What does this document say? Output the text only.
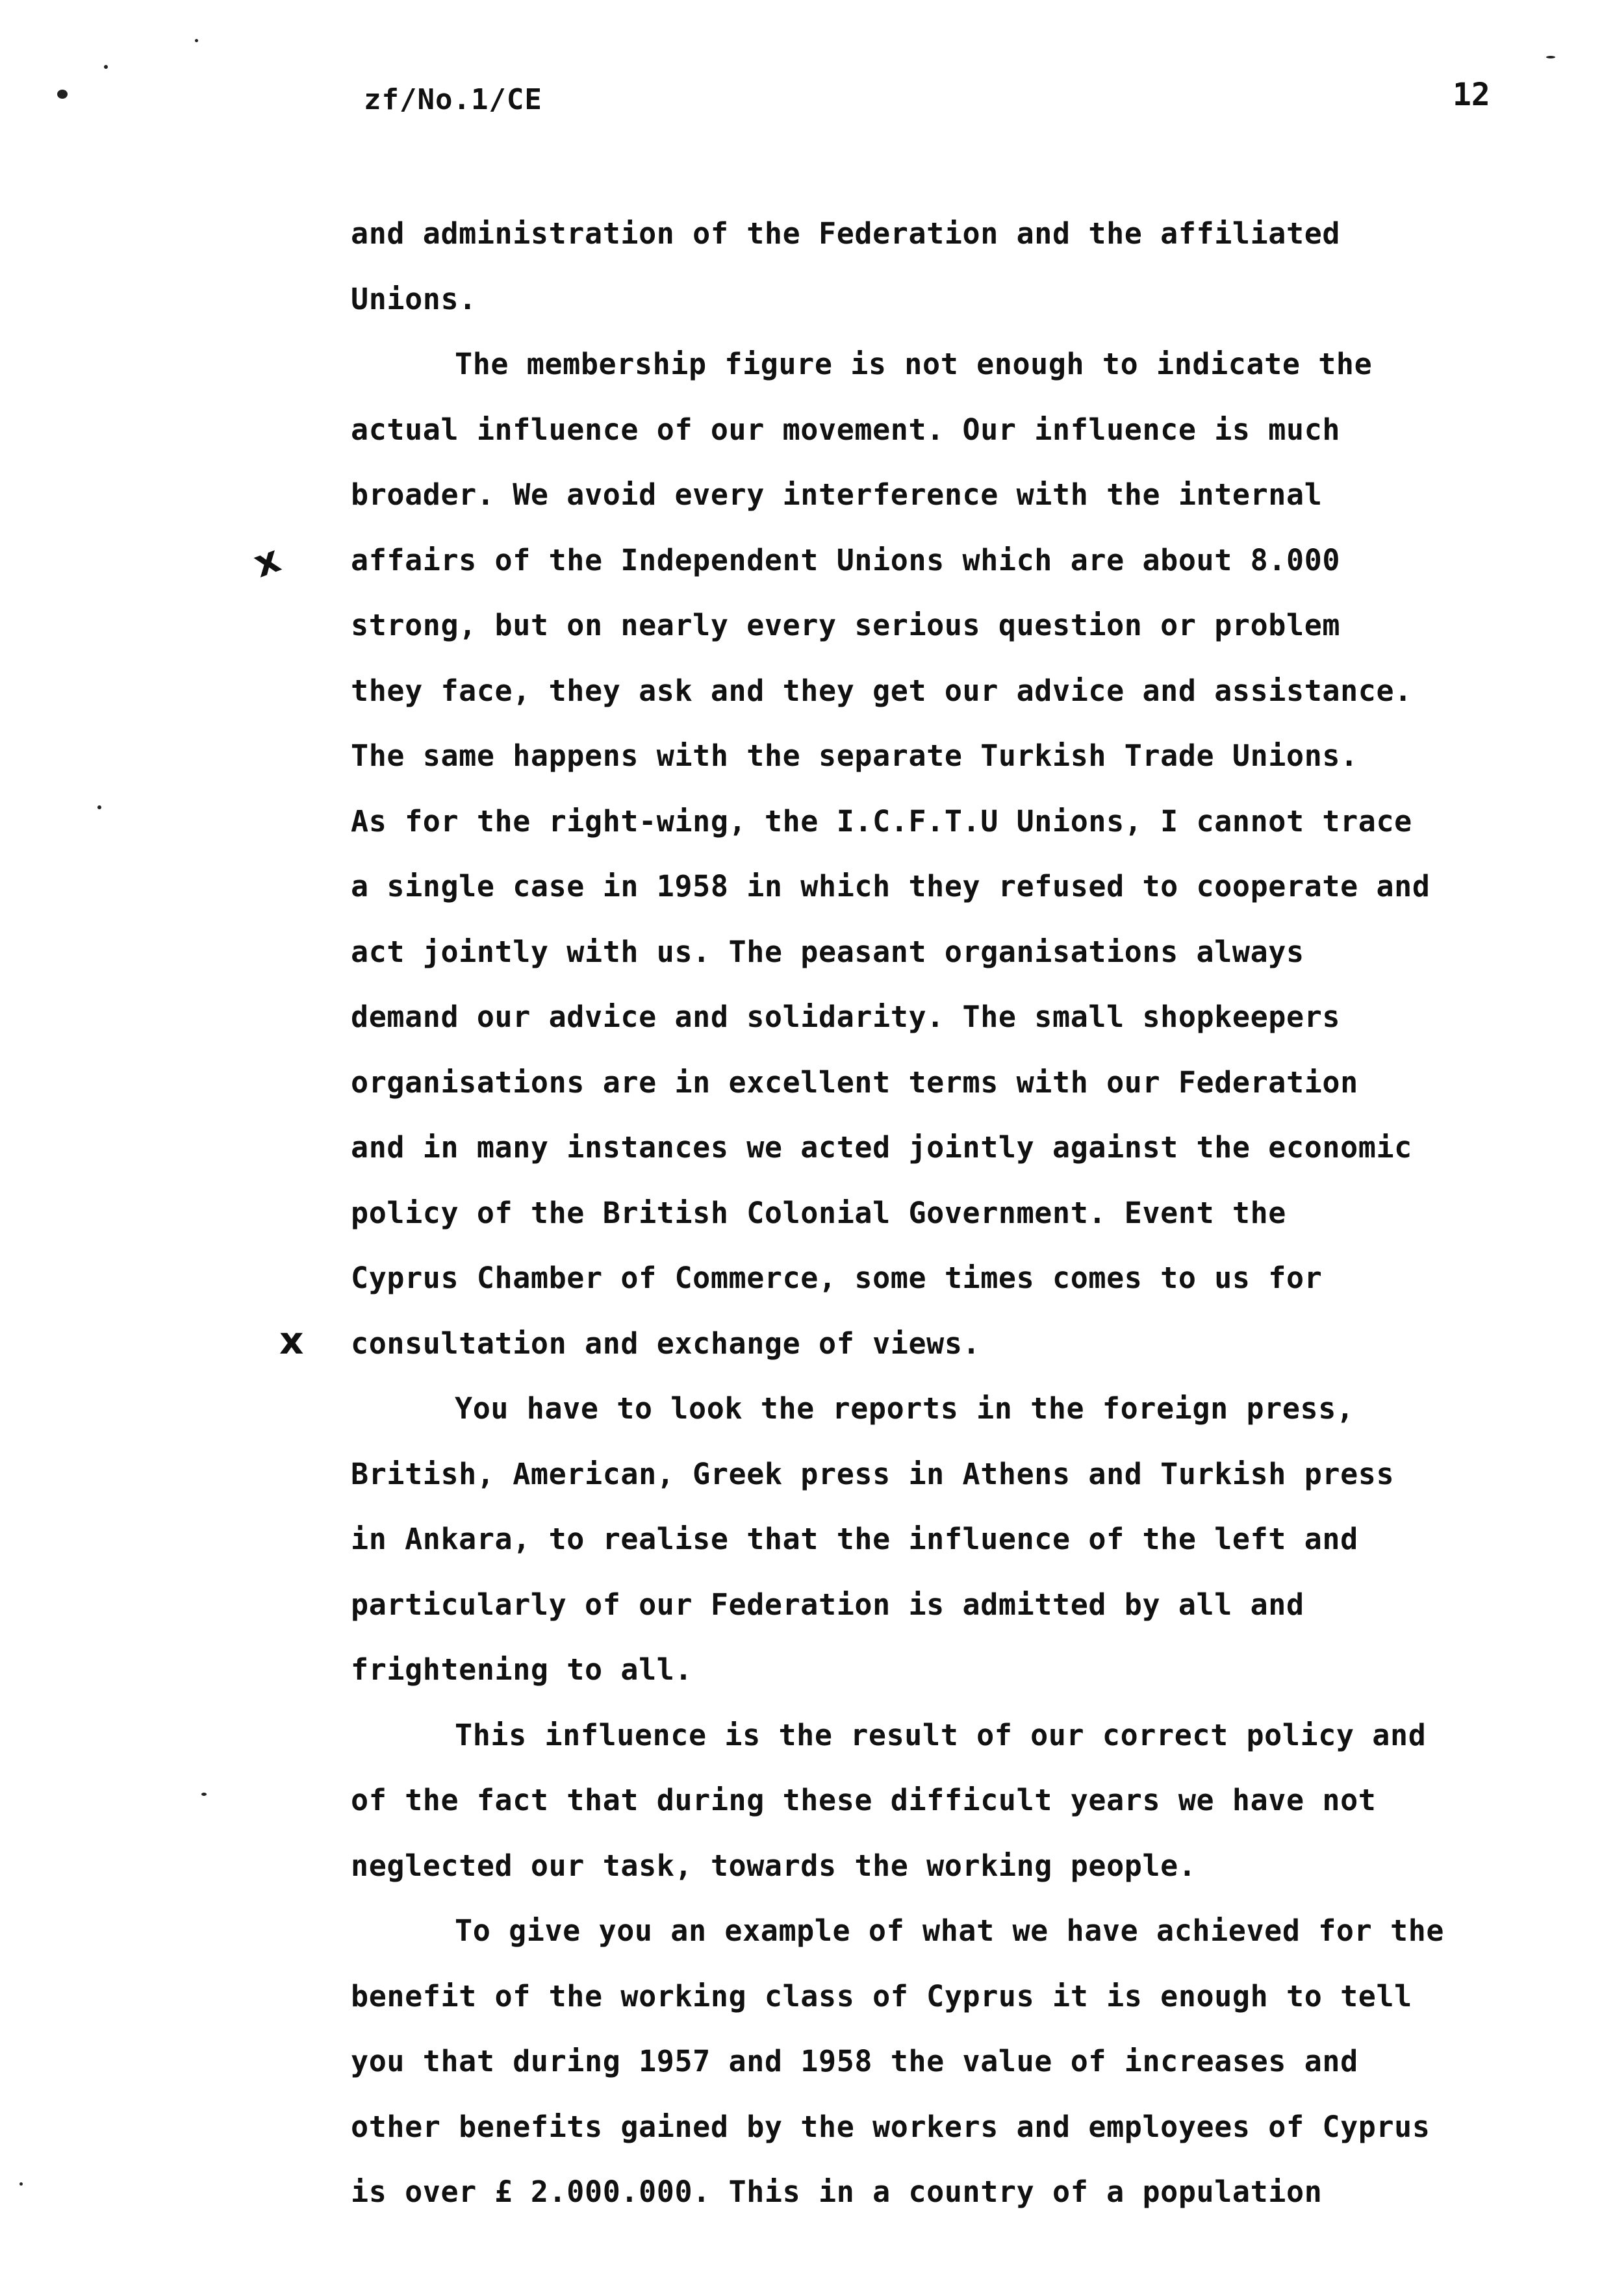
zf/No.1/CE	12
x
x
and administration of the Federation and the affiliated
Unions.
The membership figure is not enough to indicate the
actual influence of our movement. Our influence is much
broader. We avoid every interference with the internal
affairs of the Independent Unions which are about 8.000
strong, but on nearly every serious question or problem
they face, they ask and they get our advice and assistance.
The same happens with the separate Turkish Trade Unions.
As for the right-wing, the I.C.F.T.U Unions, I cannot trace
a single case in 1958 in which they refused to cooperate and
act jointly with us. The peasant organisations always
demand our advice and solidarity. The small shopkeepers
organisations are in excellent terms with our Federation
and in many instances we acted jointly against the economic
policy of the British Colonial Government. Event the
Cyprus Chamber of Commerce, some times comes to us for
consultation and exchange of views.
You have to look the reports in the foreign press,
British, American, Greek press in Athens and Turkish press
in Ankara, to realise that the influence of the left and
particularly of our Federation is admitted by all and
frightening to all.
This influence is the result of our correct policy and
of the fact that during these difficult years we have not
neglected our task, towards the working people.
To give you an example of what we have achieved for the
benefit of the working class of Cyprus it is enough to tell
you that during 1957 and 1958 the value of increases and
other benefits gained by the workers and employees of Cyprus
is over £ 2.000.000. This in a country of a population
